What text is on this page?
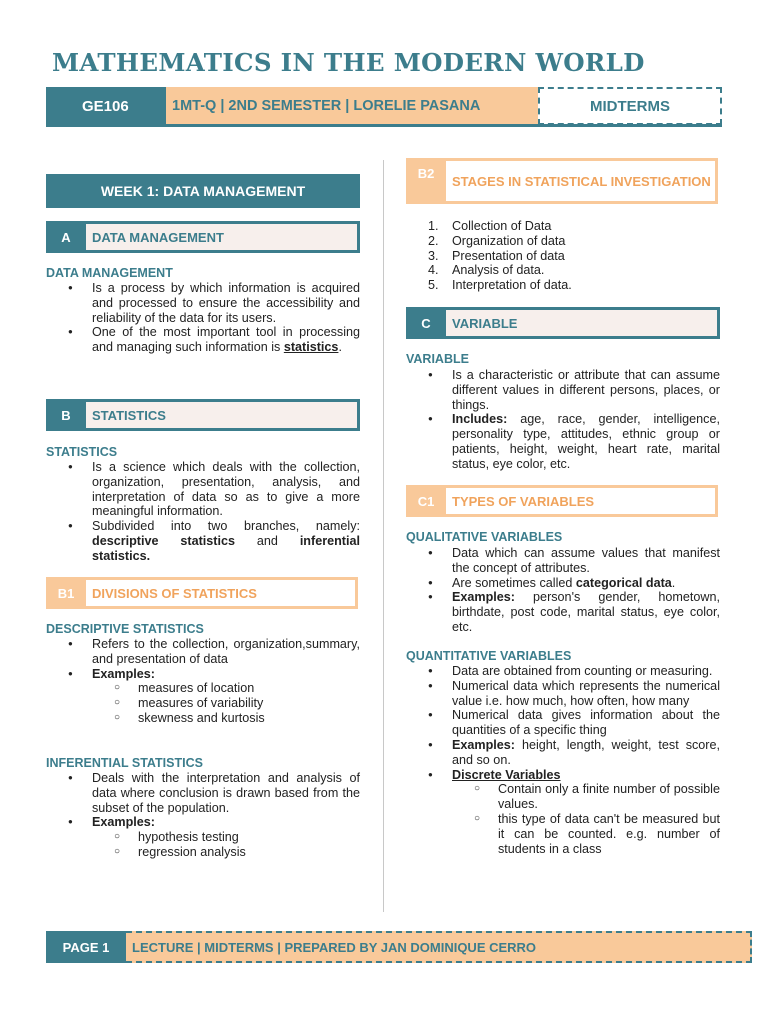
MATHEMATICS IN THE MODERN WORLD
GE106	1MT-Q | 2ND SEMESTER | LORELIE PASANA	MIDTERMS
WEEK 1: DATA MANAGEMENT
A	DATA MANAGEMENT
DATA MANAGEMENT
● Is a process by which information is acquired and processed to ensure the accessibility and reliability of the data for its users.
● One of the most important tool in processing and managing such information is statistics.
B	STATISTICS
STATISTICS
● Is a science which deals with the collection, organization, presentation, analysis, and interpretation of data so as to give a more meaningful information.
● Subdivided into two branches, namely: descriptive statistics and inferential statistics.
B1	DIVISIONS OF STATISTICS
DESCRIPTIVE STATISTICS
● Refers to the collection, organization,summary, and presentation of data
● Examples:
○ measures of location
○ measures of variability
○ skewness and kurtosis
INFERENTIAL STATISTICS
● Deals with the interpretation and analysis of data where conclusion is drawn based from the subset of the population.
● Examples:
○ hypothesis testing
○ regression analysis
B2	STAGES IN STATISTICAL INVESTIGATION
1. Collection of Data
2. Organization of data
3. Presentation of data
4. Analysis of data.
5. Interpretation of data.
C	VARIABLE
VARIABLE
● Is a characteristic or attribute that can assume different values in different persons, places, or things.
● Includes: age, race, gender, intelligence, personality type, attitudes, ethnic group or patients, height, weight, heart rate, marital status, eye color, etc.
C1	TYPES OF VARIABLES
QUALITATIVE VARIABLES
● Data which can assume values that manifest the concept of attributes.
● Are sometimes called categorical data.
● Examples: person's gender, hometown, birthdate, post code, marital status, eye color, etc.
QUANTITATIVE VARIABLES
● Data are obtained from counting or measuring.
● Numerical data which represents the numerical value i.e. how much, how often, how many
● Numerical data gives information about the quantities of a specific thing
● Examples: height, length, weight, test score, and so on.
● Discrete Variables
○ Contain only a finite number of possible values.
○ this type of data can't be measured but it can be counted. e.g. number of students in a class
PAGE 1	LECTURE | MIDTERMS | PREPARED BY JAN DOMINIQUE CERRO
